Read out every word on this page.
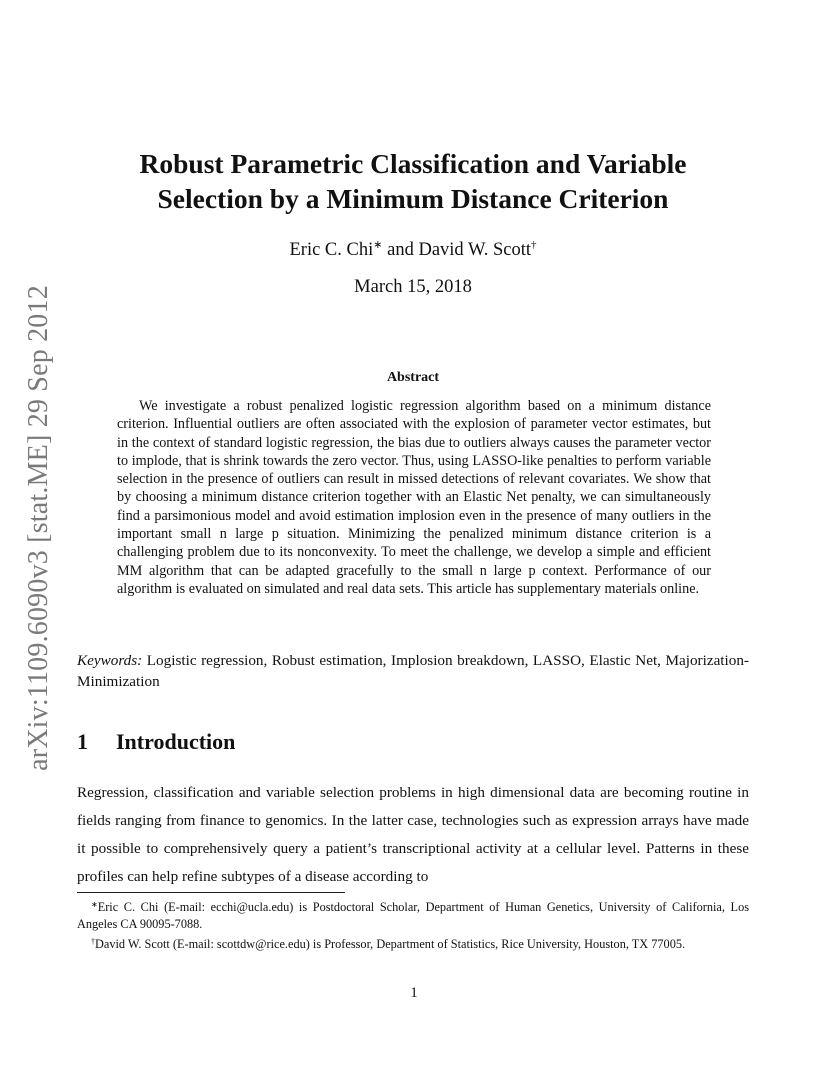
arXiv:1109.6090v3 [stat.ME] 29 Sep 2012
Robust Parametric Classification and Variable
Selection by a Minimum Distance Criterion
Eric C. Chi∗ and David W. Scott†
March 15, 2018
Abstract
We investigate a robust penalized logistic regression algorithm based on a minimum distance criterion. Influential outliers are often associated with the explosion of parameter vector estimates, but in the context of standard logistic regression, the bias due to outliers always causes the parameter vector to implode, that is shrink towards the zero vector. Thus, using LASSO-like penalties to perform variable selection in the presence of outliers can result in missed detections of relevant covariates. We show that by choosing a minimum distance criterion together with an Elastic Net penalty, we can simultaneously find a parsimonious model and avoid estimation implosion even in the presence of many outliers in the important small n large p situation. Minimizing the penalized minimum distance criterion is a challenging problem due to its nonconvexity. To meet the challenge, we develop a simple and efficient MM algorithm that can be adapted gracefully to the small n large p context. Performance of our algorithm is evaluated on simulated and real data sets. This article has supplementary materials online.
Keywords: Logistic regression, Robust estimation, Implosion breakdown, LASSO, Elastic Net, Majorization-Minimization
1 Introduction
Regression, classification and variable selection problems in high dimensional data are becoming routine in fields ranging from finance to genomics. In the latter case, technologies such as expression arrays have made it possible to comprehensively query a patient’s transcriptional activity at a cellular level. Patterns in these profiles can help refine subtypes of a disease according to
∗Eric C. Chi (E-mail: ecchi@ucla.edu) is Postdoctoral Scholar, Department of Human Genetics, University of California, Los Angeles CA 90095-7088.
†David W. Scott (E-mail: scottdw@rice.edu) is Professor, Department of Statistics, Rice University, Houston, TX 77005.
1
